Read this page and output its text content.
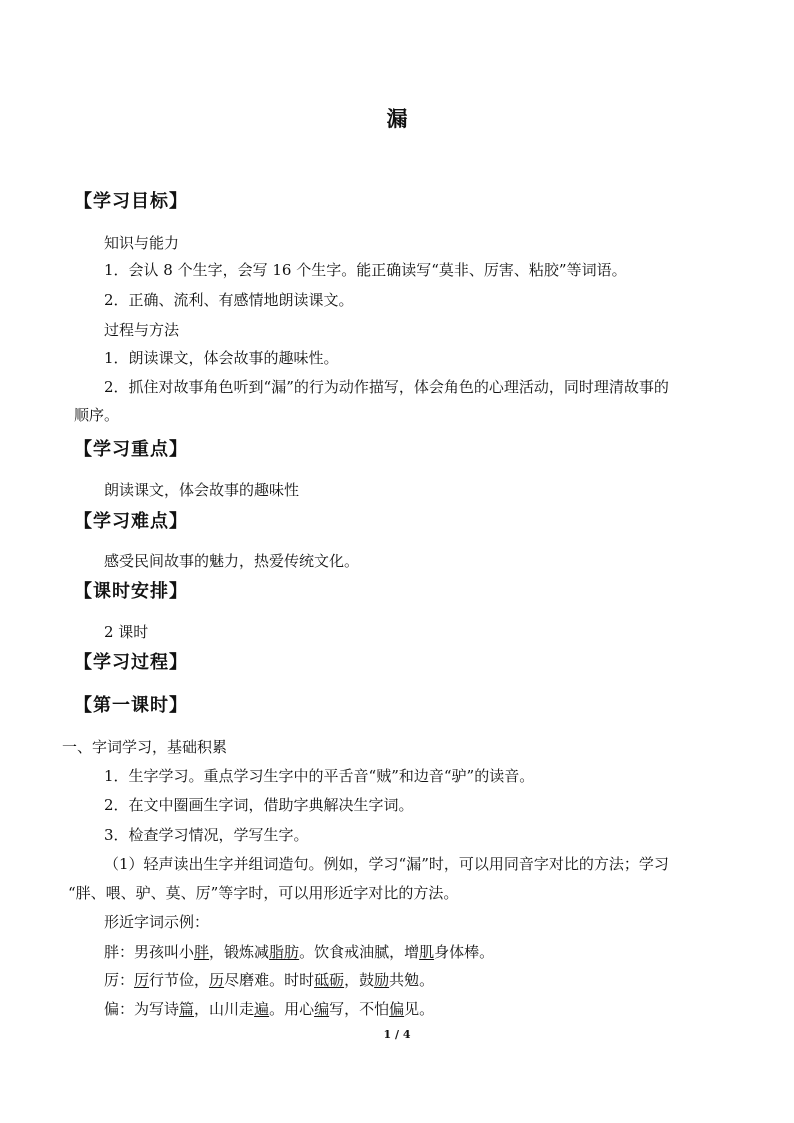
漏
【学习目标】
知识与能力
1．会认 8 个生字，会写 16 个生字。能正确读写“莫非、厉害、粘胶”等词语。
2．正确、流利、有感情地朗读课文。
过程与方法
1．朗读课文，体会故事的趣味性。
2．抓住对故事角色听到“漏”的行为动作描写，体会角色的心理活动，同时理清故事的
顺序。
【学习重点】
朗读课文，体会故事的趣味性
【学习难点】
感受民间故事的魅力，热爱传统文化。
【课时安排】
2 课时
【学习过程】
【第一课时】
一、字词学习，基础积累
1．生字学习。重点学习生字中的平舌音“贼”和边音“驴”的读音。
2．在文中圈画生字词，借助字典解决生字词。
3．检查学习情况，学写生字。
（1）轻声读出生字并组词造句。例如，学习“漏”时，可以用同音字对比的方法；学习
“胖、喂、驴、莫、厉”等字时，可以用形近字对比的方法。
形近字词示例：
胖：男孩叫小胖，锻炼减脂肪。饮食戒油腻，增肌身体棒。
厉：厉行节俭，历尽磨难。时时砥砺，鼓励共勉。
偏：为写诗篇，山川走遍。用心编写，不怕偏见。
1 / 4
